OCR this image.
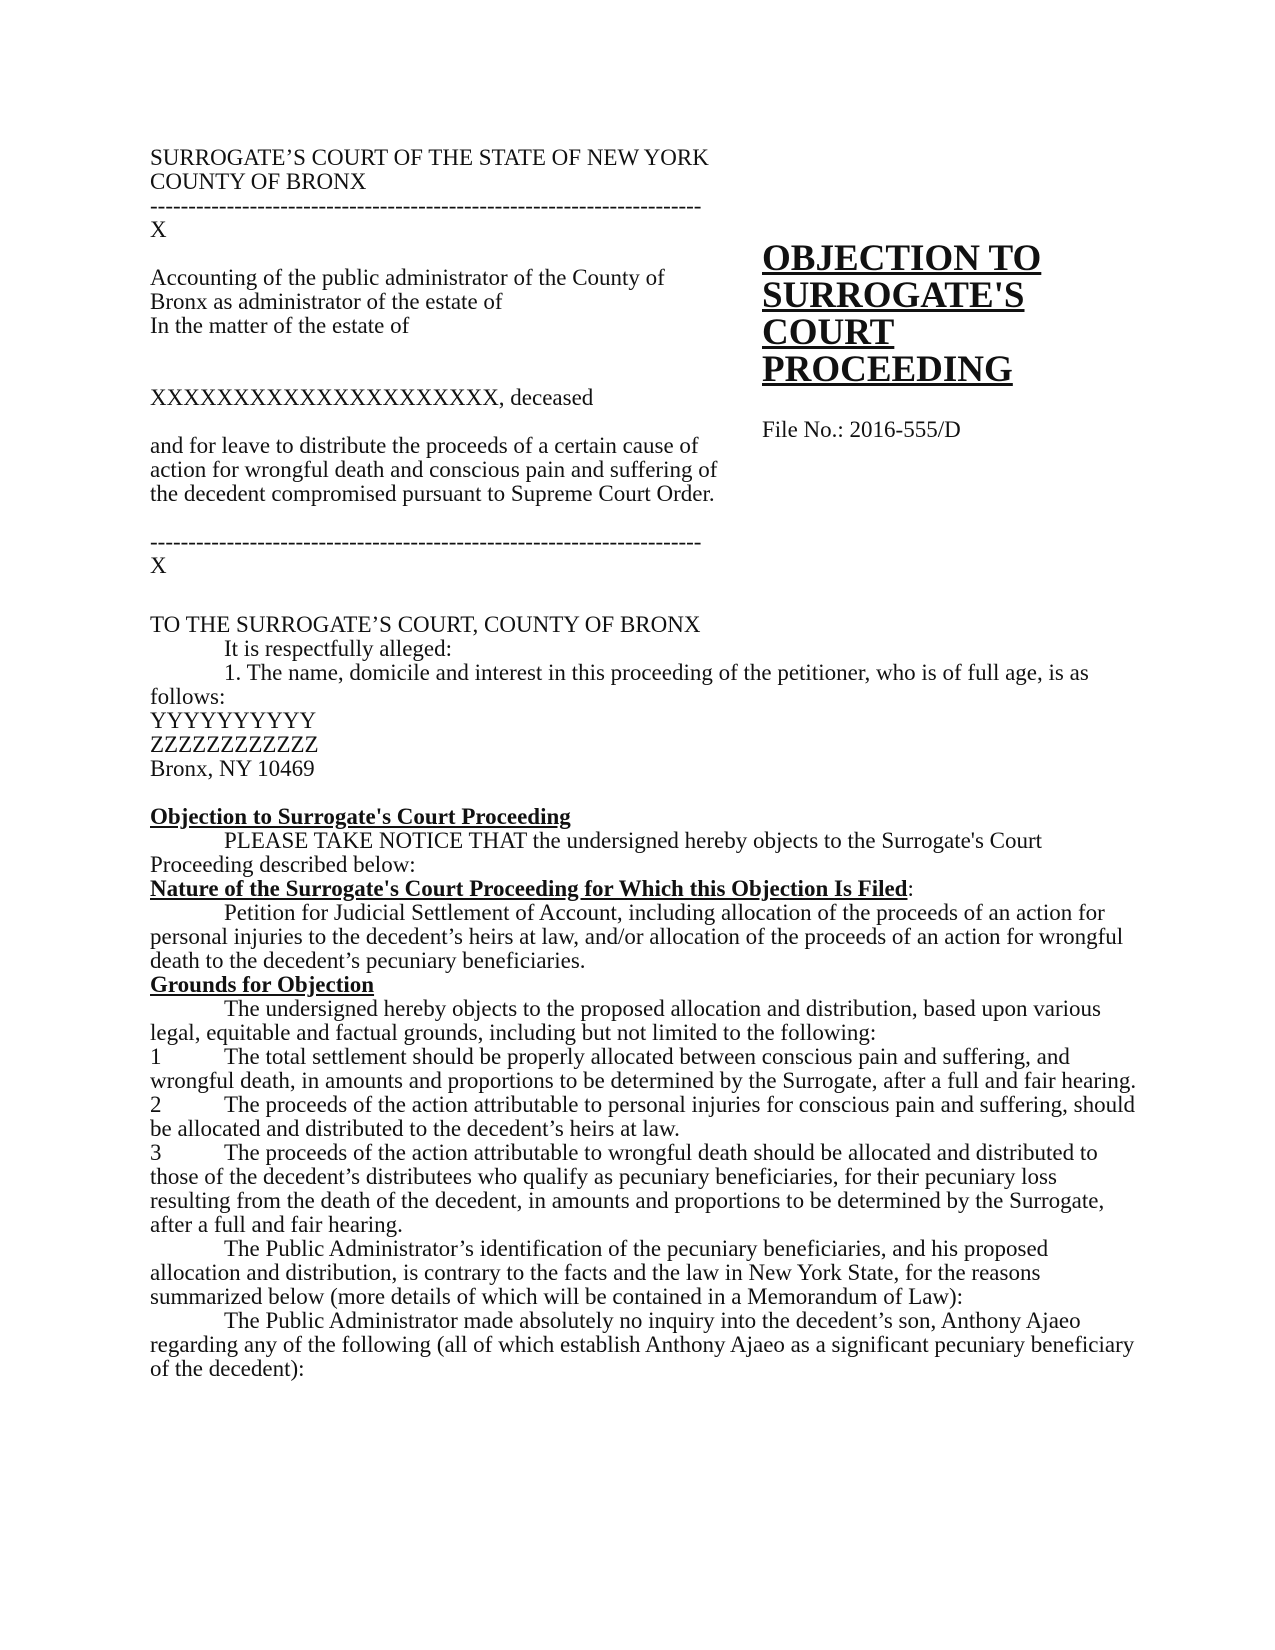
SURROGATE’S COURT OF THE STATE OF NEW YORK
COUNTY OF BRONX
------------------------------------------------------------------------
X
Accounting of the public administrator of the County of
Bronx as administrator of the estate of
In the matter of the estate of
XXXXXXXXXXXXXXXXXXXXX, deceased
and for leave to distribute the proceeds of a certain cause of
action for wrongful death and conscious pain and suffering of
the decedent compromised pursuant to Supreme Court Order.
------------------------------------------------------------------------
X
OBJECTION TO
SURROGATE'S
COURT
PROCEEDING
File No.: 2016-555/D
TO THE SURROGATE’S COURT, COUNTY OF BRONX
It is respectfully alleged:
1. The name, domicile and interest in this proceeding of the petitioner, who is of full age, is as follows:
YYYYYYYYYY
ZZZZZZZZZZZZ
Bronx, NY 10469
Objection to Surrogate's Court Proceeding
PLEASE TAKE NOTICE THAT the undersigned hereby objects to the Surrogate's Court Proceeding described below:
Nature of the Surrogate's Court Proceeding for Which this Objection Is Filed:
Petition for Judicial Settlement of Account, including allocation of the proceeds of an action for personal injuries to the decedent’s heirs at law, and/or allocation of the proceeds of an action for wrongful death to the decedent’s pecuniary beneficiaries.
Grounds for Objection
The undersigned hereby objects to the proposed allocation and distribution, based upon various legal, equitable and factual grounds, including but not limited to the following:
1	The total settlement should be properly allocated between conscious pain and suffering, and wrongful death, in amounts and proportions to be determined by the Surrogate, after a full and fair hearing.
2	The proceeds of the action attributable to personal injuries for conscious pain and suffering, should be allocated and distributed to the decedent’s heirs at law.
3	The proceeds of the action attributable to wrongful death should be allocated and distributed to those of the decedent’s distributees who qualify as pecuniary beneficiaries, for their pecuniary loss resulting from the death of the decedent, in amounts and proportions to be determined by the Surrogate, after a full and fair hearing.
The Public Administrator’s identification of the pecuniary beneficiaries, and his proposed allocation and distribution, is contrary to the facts and the law in New York State, for the reasons summarized below (more details of which will be contained in a Memorandum of Law):
The Public Administrator made absolutely no inquiry into the decedent’s son, Anthony Ajaeo regarding any of the following (all of which establish Anthony Ajaeo as a significant pecuniary beneficiary of the decedent):
